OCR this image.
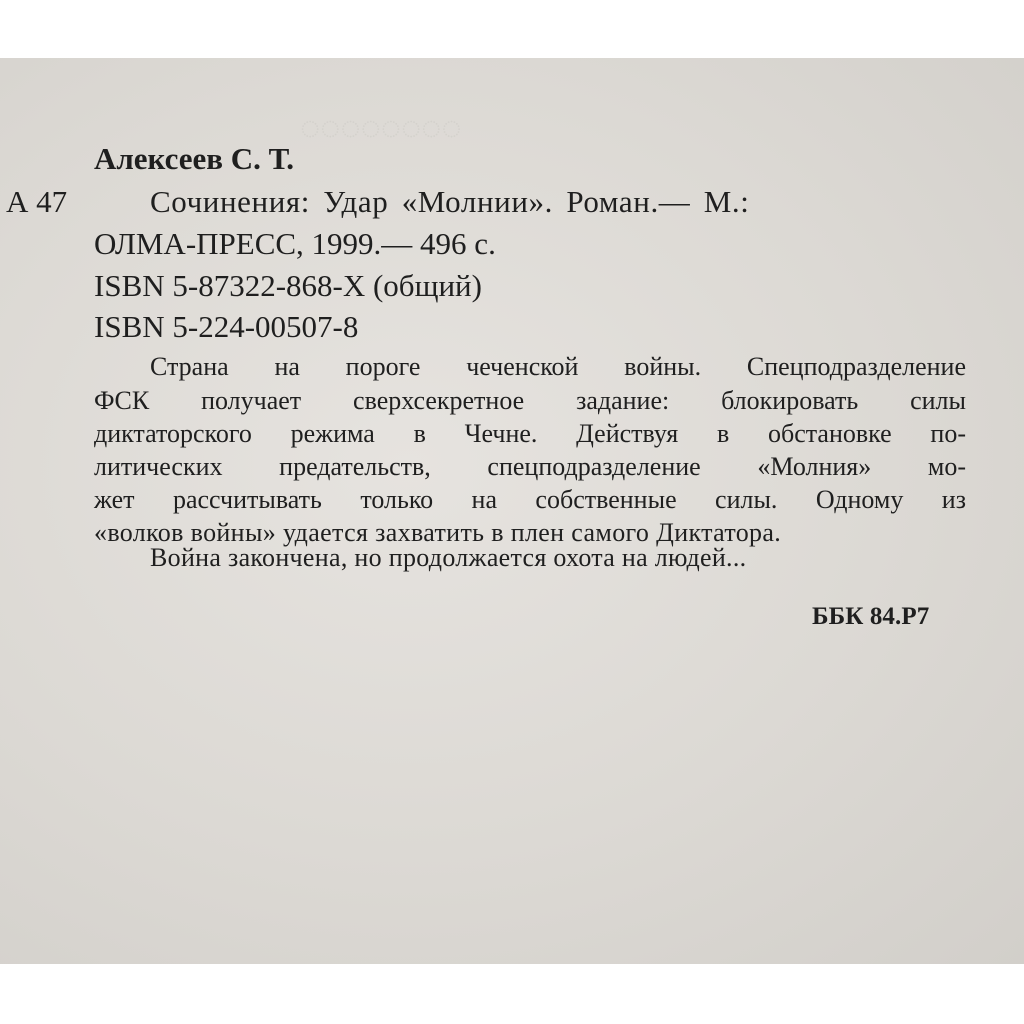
◌◌◌◌◌◌◌◌
Алексеев С. Т.
А 47	Сочинения: Удар «Молнии». Роман.— М.:
ОЛМА-ПРЕСС, 1999.— 496 с.
ISBN 5-87322-868-Х (общий)
ISBN 5-224-00507-8
Страна на пороге чеченской войны. Спецподразделение
ФСК получает сверхсекретное задание: блокировать силы
диктаторского режима в Чечне. Действуя в обстановке по-
литических предательств, спецподразделение «Молния» мо-
жет рассчитывать только на собственные силы. Одному из
«волков войны» удается захватить в плен самого Диктатора.
Война закончена, но продолжается охота на людей...
ББК 84.Р7
